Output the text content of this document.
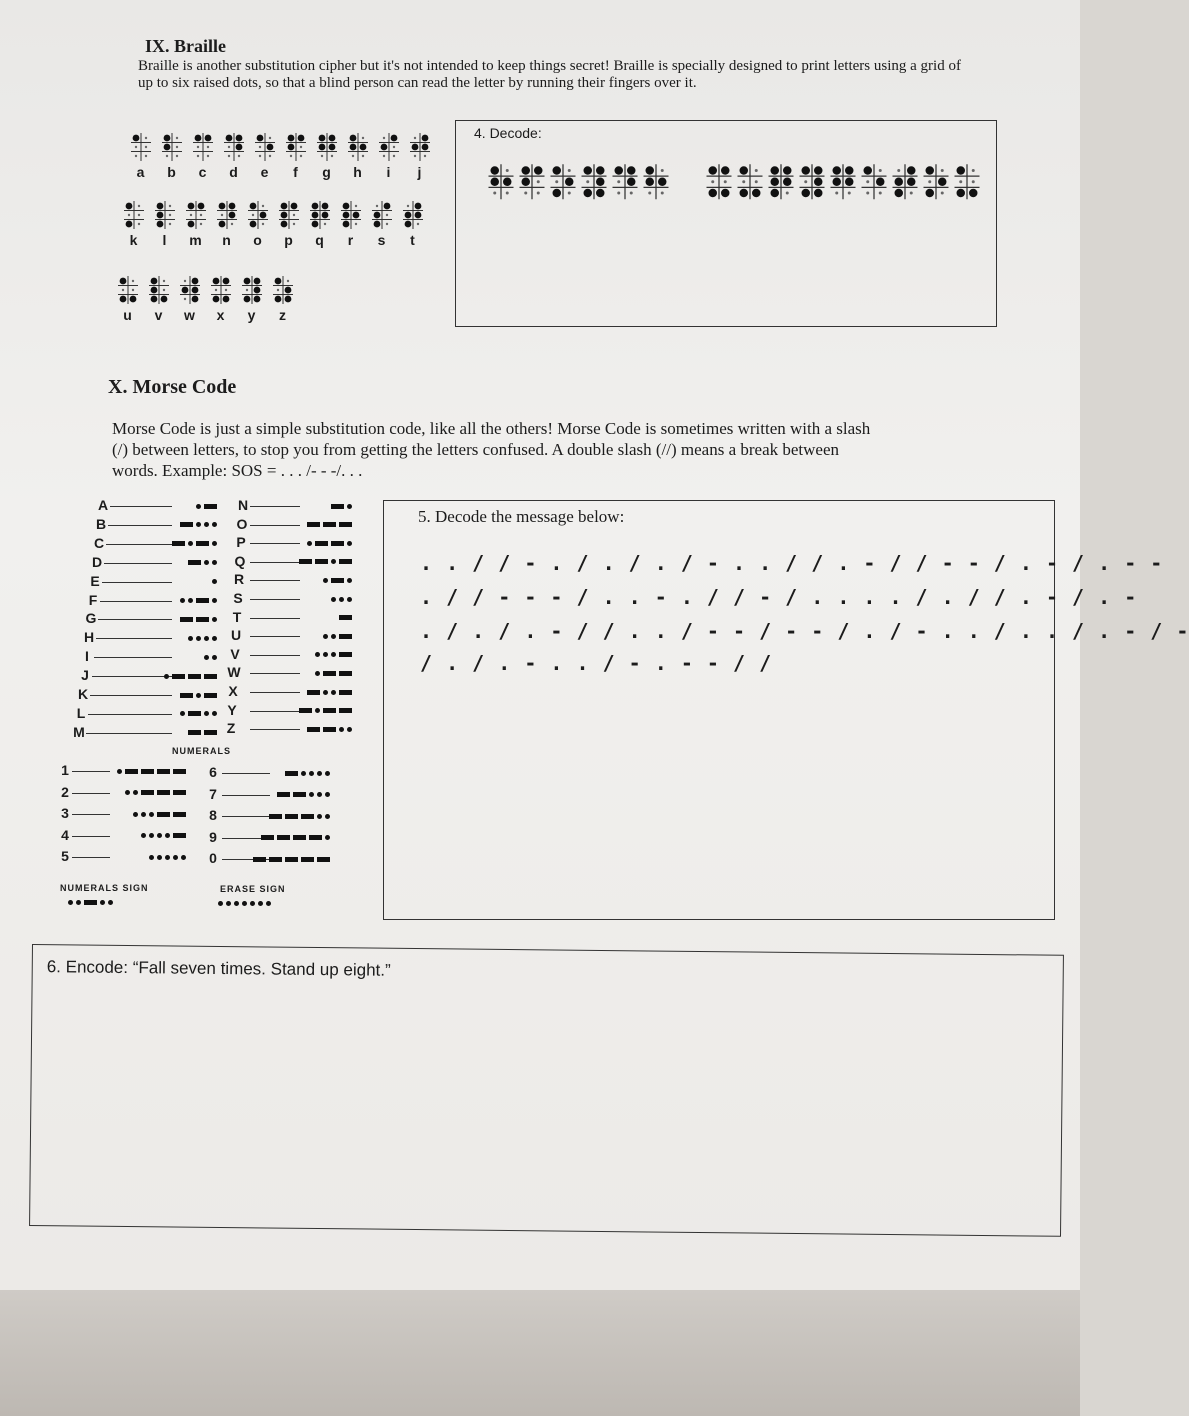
IX. Braille
Braille is another substitution cipher but it's not intended to keep things secret! Braille is specially designed to print letters using a grid of up to six raised dots, so that a blind person can read the letter by running their fingers over it.
a b c d e f g h i j
k l m n o p q r s t
u v w x y z
4. Decode:
X. Morse Code
Morse Code is just a simple substitution code, like all the others! Morse Code is sometimes written with a slash (/) between letters, to stop you from getting the letters confused. A double slash (//) means a break between words. Example: SOS = . . . /- - -/. . .
A
B
C
D
E
F
G
H
I
J
K
L
M
N
O
P
Q
R
S
T
U
V
W
X
Y
Z
1
2
3
4
5
6
7
8
9
0
NUMERALS
NUMERALS SIGN	ERASE SIGN
5. Decode the message below:
. . / / - . / . / . / - . . / / . - / / - - / . - / . - -
. / / - - - / . . - . / / - / . . . . / . / / . - / . -
. / . / . - / / . . / - - / - - / . / - . . / . . / . - / -
/ . / . - . . / - . - - / /
6. Encode: “Fall seven times. Stand up eight.”
